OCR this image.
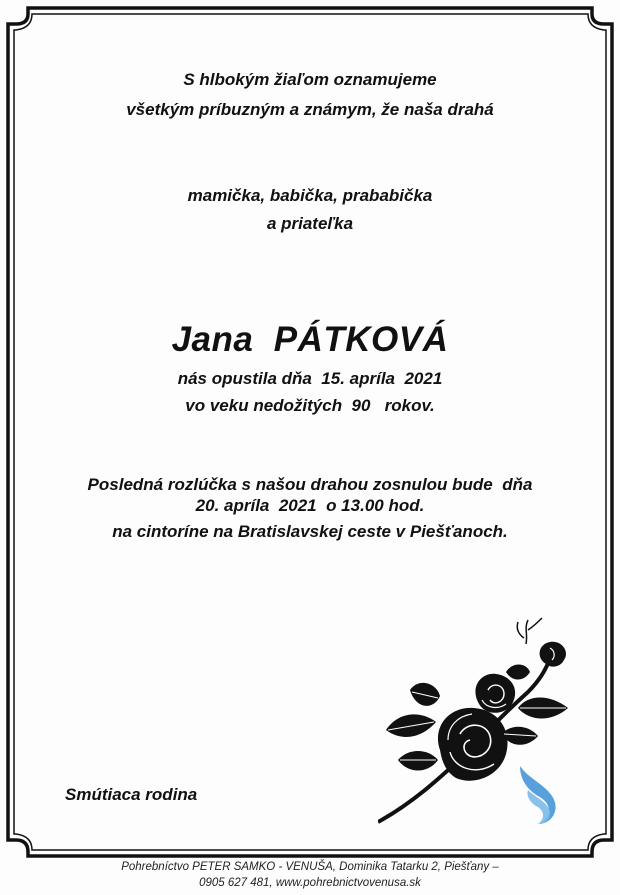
S hlbokým žiaľom oznamujeme
všetkým príbuzným a známym, že naša drahá
mamička, babička, prababička
a priateľka
Jana  PÁTKOVÁ
nás opustila dňa  15. apríla  2021
vo veku nedožitých  90   rokov.
Posledná rozlúčka s našou drahou zosnulou bude  dňa
20. apríla  2021  o 13.00 hod.
na cintoríne na Bratislavskej ceste v Piešťanoch.
Smútiaca rodina
Pohrebníctvo PETER SAMKO - VENUŠA, Dominika Tatarku 2, Piešťany –
0905 627 481, www.pohrebnictvovenusa.sk
